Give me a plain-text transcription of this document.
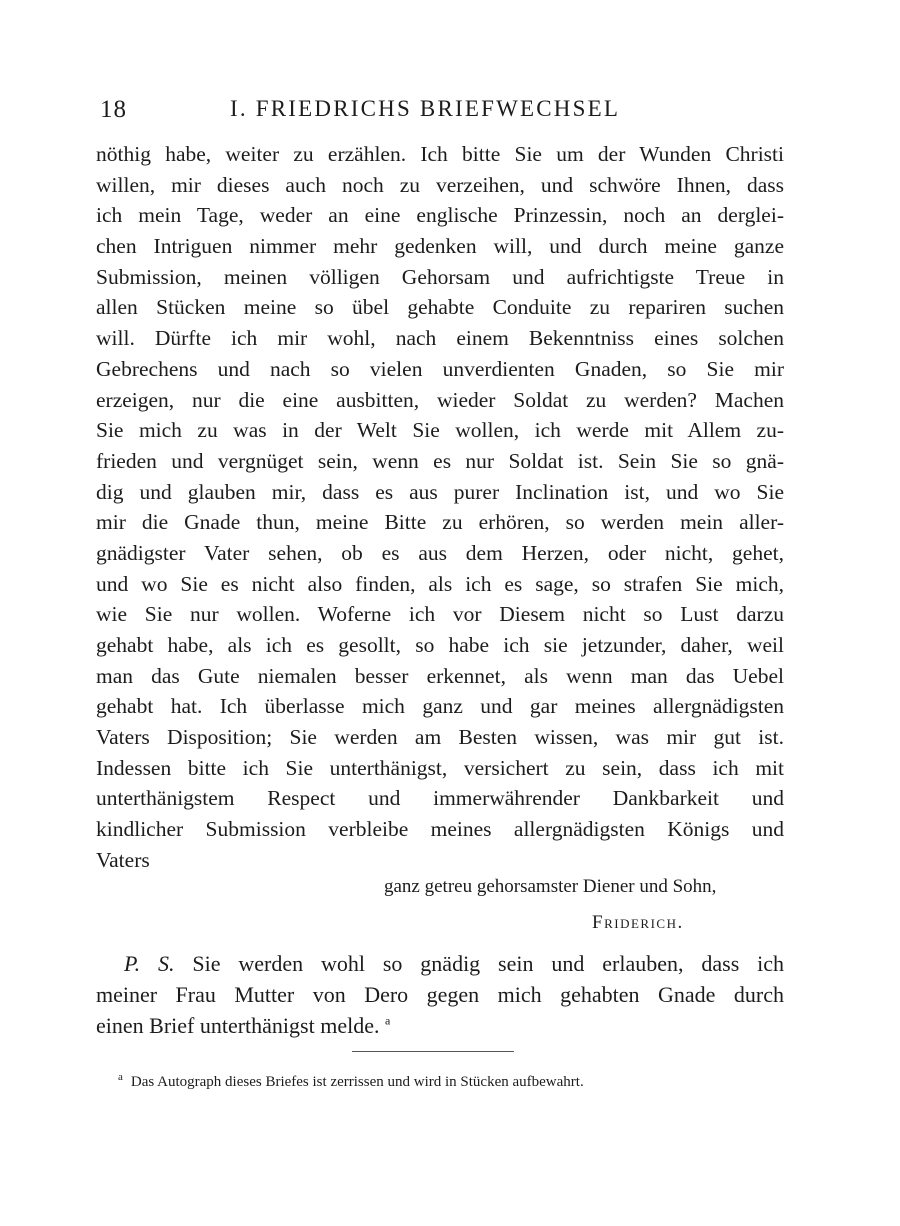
18	I. FRIEDRICHS BRIEFWECHSEL
nöthig habe, weiter zu erzählen. Ich bitte Sie um der Wunden Christi
willen, mir dieses auch noch zu verzeihen, und schwöre Ihnen, dass
ich mein Tage, weder an eine englische Prinzessin, noch an derglei-
chen Intriguen nimmer mehr gedenken will, und durch meine ganze
Submission, meinen völligen Gehorsam und aufrichtigste Treue in
allen Stücken meine so übel gehabte Conduite zu repariren suchen
will. Dürfte ich mir wohl, nach einem Bekenntniss eines solchen
Gebrechens und nach so vielen unverdienten Gnaden, so Sie mir
erzeigen, nur die eine ausbitten, wieder Soldat zu werden? Machen
Sie mich zu was in der Welt Sie wollen, ich werde mit Allem zu-
frieden und vergnüget sein, wenn es nur Soldat ist. Sein Sie so gnä-
dig und glauben mir, dass es aus purer Inclination ist, und wo Sie
mir die Gnade thun, meine Bitte zu erhören, so werden mein aller-
gnädigster Vater sehen, ob es aus dem Herzen, oder nicht, gehet,
und wo Sie es nicht also finden, als ich es sage, so strafen Sie mich,
wie Sie nur wollen. Woferne ich vor Diesem nicht so Lust darzu
gehabt habe, als ich es gesollt, so habe ich sie jetzunder, daher, weil
man das Gute niemalen besser erkennet, als wenn man das Uebel
gehabt hat. Ich überlasse mich ganz und gar meines allergnädigsten
Vaters Disposition; Sie werden am Besten wissen, was mir gut ist.
Indessen bitte ich Sie unterthänigst, versichert zu sein, dass ich mit
unterthänigstem Respect und immerwährender Dankbarkeit und
kindlicher Submission verbleibe meines allergnädigsten Königs und
Vaters
ganz getreu gehorsamster Diener und Sohn,
Friderich.
P. S. Sie werden wohl so gnädig sein und erlauben, dass ich
meiner Frau Mutter von Dero gegen mich gehabten Gnade durch
einen Brief unterthänigst melde. $^a$
$^a$ Das Autograph dieses Briefes ist zerrissen und wird in Stücken aufbewahrt.
